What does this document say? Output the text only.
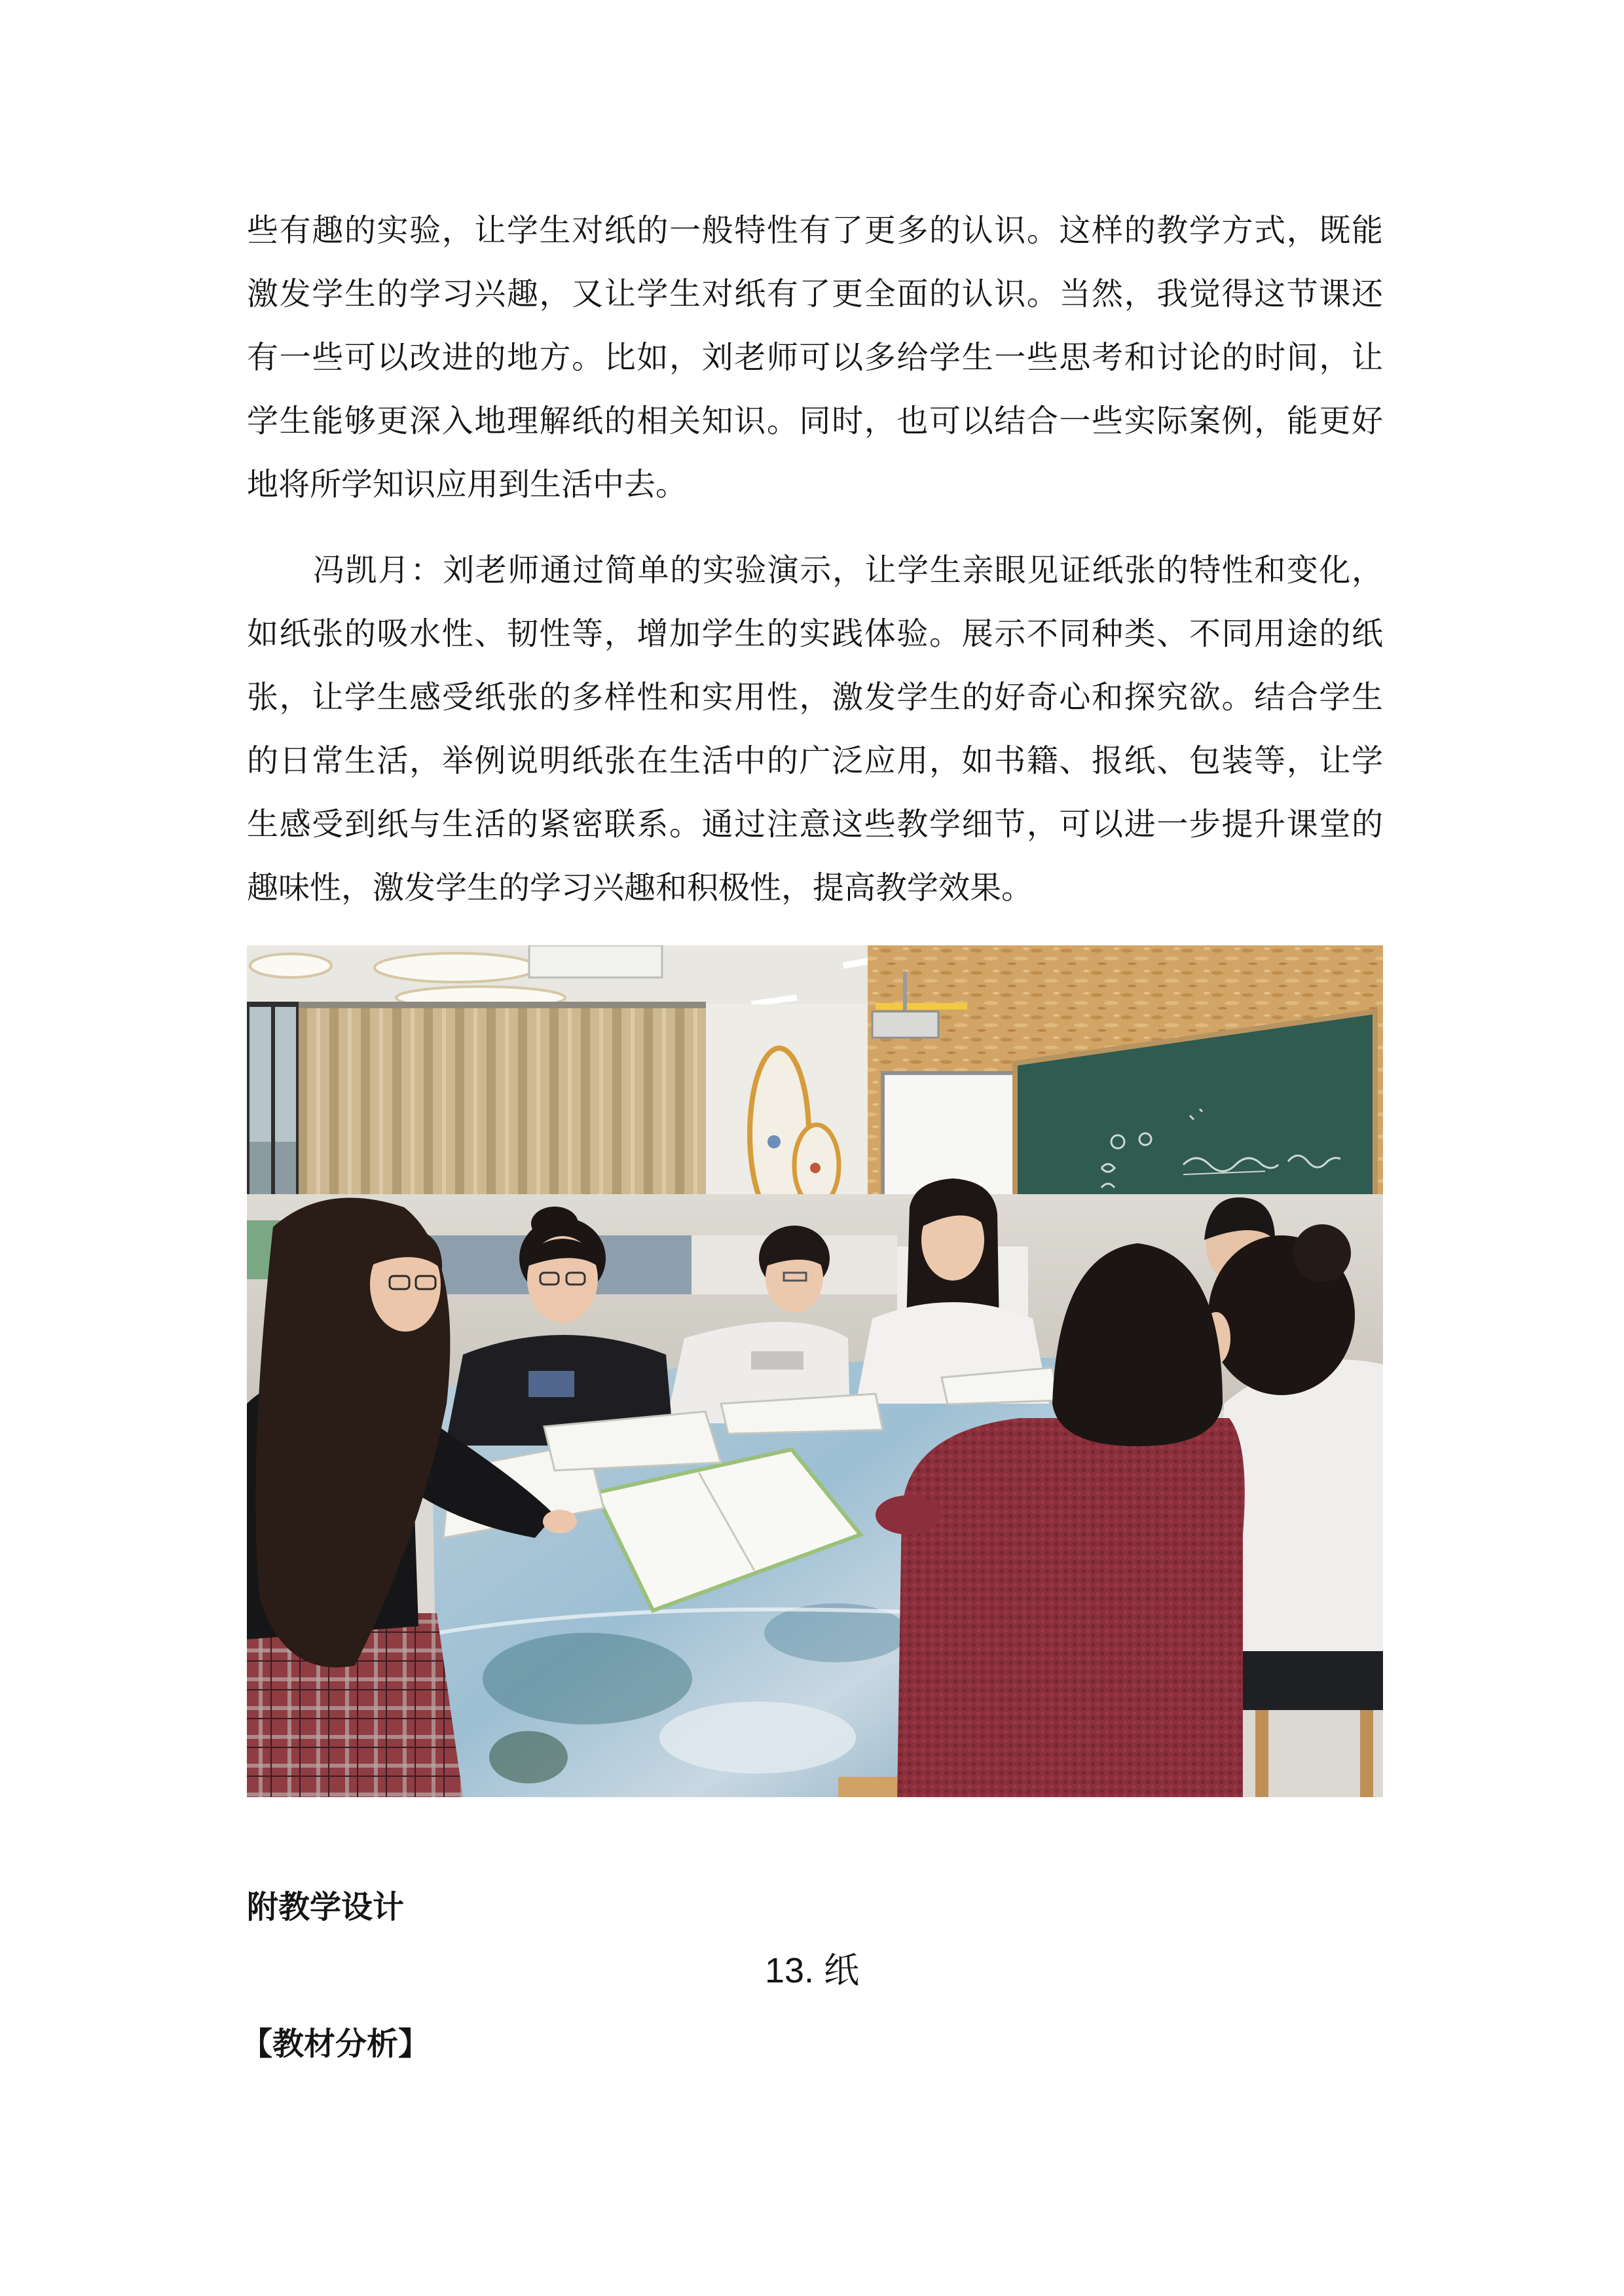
些有趣的实验，让学生对纸的一般特性有了更多的认识。这样的教学方式，既能
激发学生的学习兴趣，又让学生对纸有了更全面的认识。当然，我觉得这节课还
有一些可以改进的地方。比如，刘老师可以多给学生一些思考和讨论的时间，让
学生能够更深入地理解纸的相关知识。同时，也可以结合一些实际案例，能更好
地将所学知识应用到生活中去。
冯凯月：刘老师通过简单的实验演示，让学生亲眼见证纸张的特性和变化，
如纸张的吸水性、韧性等，增加学生的实践体验。展示不同种类、不同用途的纸
张，让学生感受纸张的多样性和实用性，激发学生的好奇心和探究欲。结合学生
的日常生活，举例说明纸张在生活中的广泛应用，如书籍、报纸、包装等，让学
生感受到纸与生活的紧密联系。通过注意这些教学细节，可以进一步提升课堂的
趣味性，激发学生的学习兴趣和积极性，提高教学效果。
附教学设计
13. 纸
【教材分析】
